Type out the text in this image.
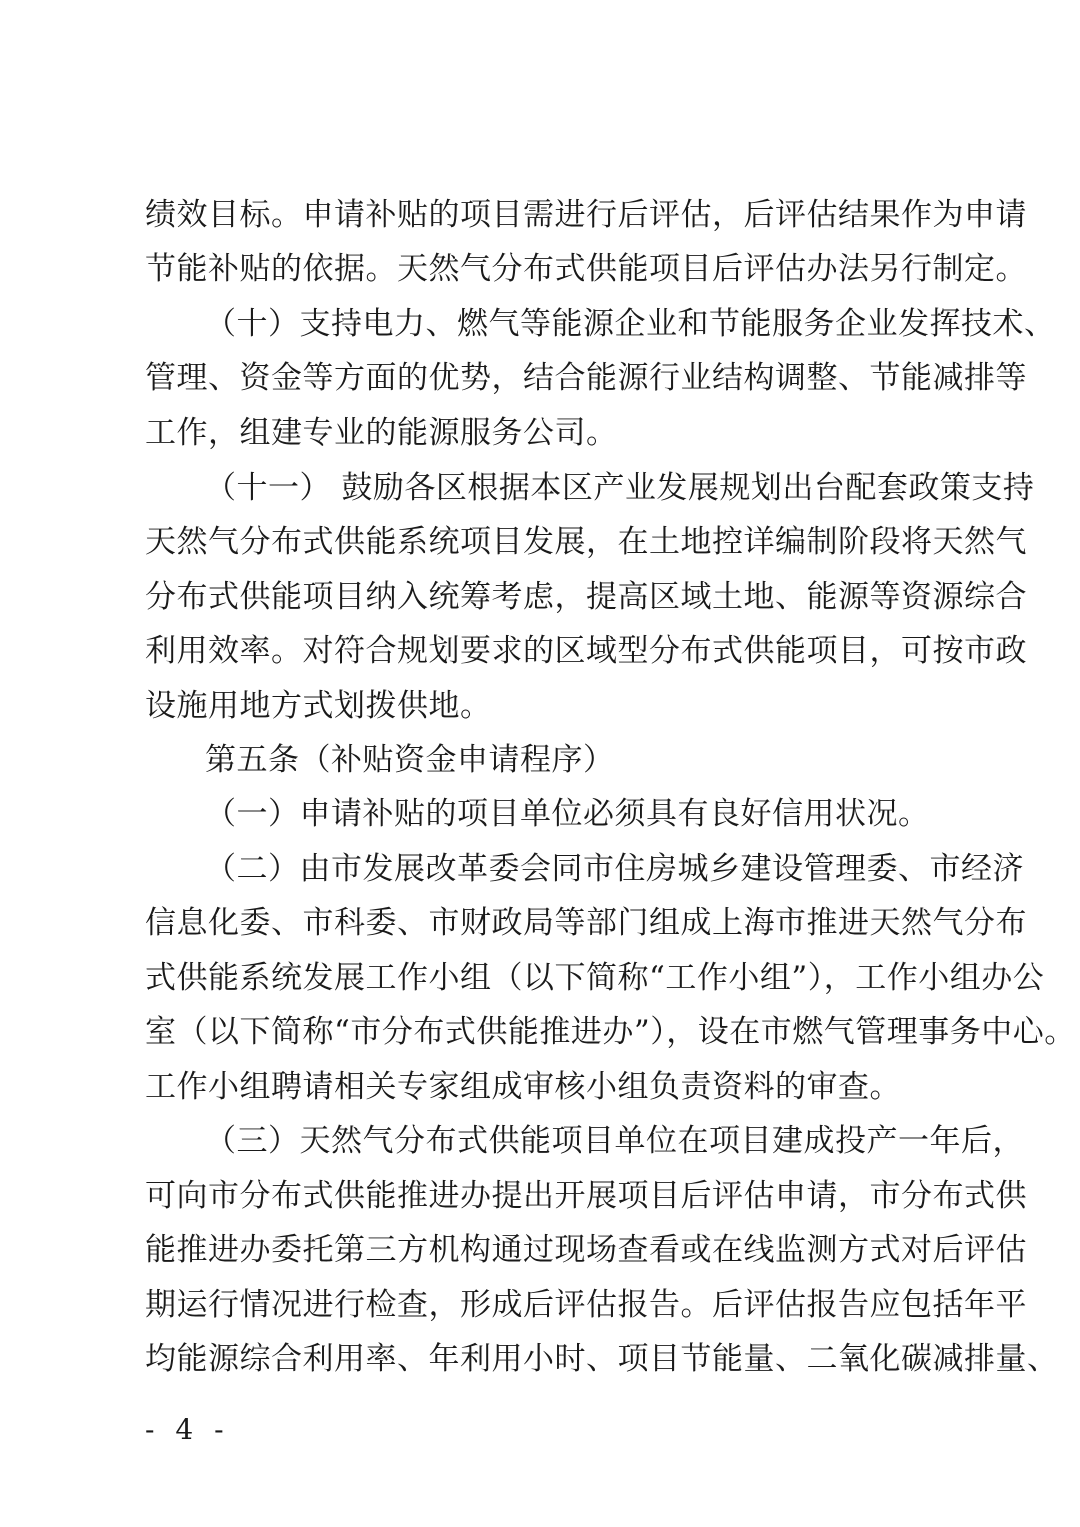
绩效目标。申请补贴的项目需进行后评估，后评估结果作为申请
节能补贴的依据。天然气分布式供能项目后评估办法另行制定。
（十）支持电力、燃气等能源企业和节能服务企业发挥技术、
管理、资金等方面的优势，结合能源行业结构调整、节能减排等
工作，组建专业的能源服务公司。
（十一） 鼓励各区根据本区产业发展规划出台配套政策支持
天然气分布式供能系统项目发展，在土地控详编制阶段将天然气
分布式供能项目纳入统筹考虑，提高区域土地、能源等资源综合
利用效率。对符合规划要求的区域型分布式供能项目，可按市政
设施用地方式划拨供地。
第五条（补贴资金申请程序）
（一）申请补贴的项目单位必须具有良好信用状况。
（二）由市发展改革委会同市住房城乡建设管理委、市经济
信息化委、市科委、市财政局等部门组成上海市推进天然气分布
式供能系统发展工作小组（以下简称“工作小组”），工作小组办公
室（以下简称“市分布式供能推进办”），设在市燃气管理事务中心。
工作小组聘请相关专家组成审核小组负责资料的审查。
（三）天然气分布式供能项目单位在项目建成投产一年后，
可向市分布式供能推进办提出开展项目后评估申请，市分布式供
能推进办委托第三方机构通过现场查看或在线监测方式对后评估
期运行情况进行检查，形成后评估报告。后评估报告应包括年平
均能源综合利用率、年利用小时、项目节能量、二氧化碳减排量、
- 4 -
